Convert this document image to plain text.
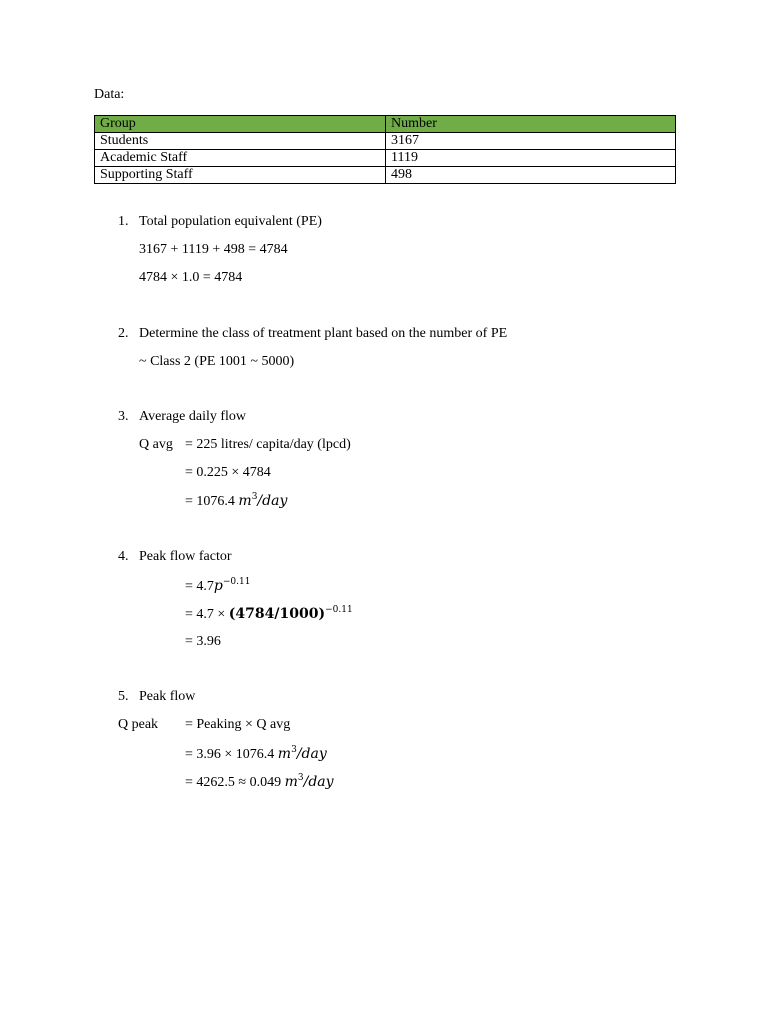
Data:
Group	Number
Students	3167
Academic Staff	1119
Supporting Staff	498
1. Total population equivalent (PE)
3167 + 1119 + 498 = 4784
4784 × 1.0 = 4784
2. Determine the class of treatment plant based on the number of PE
~ Class 2 (PE 1001 ~ 5000)
3. Average daily flow
Q avg = 225 litres/ capita/day (lpcd)
= 0.225 × 4784
= 1076.4 $m^3$/day
4. Peak flow factor
= $4.7p^{-0.11}$
= $4.7 \times (4784/1000)^{-0.11}$
= 3.96
5. Peak flow
Q peak = Peaking × Q avg
= 3.96 × 1076.4 $m^3$/day
= 4262.5 ≈ 0.049 $m^3$/day
